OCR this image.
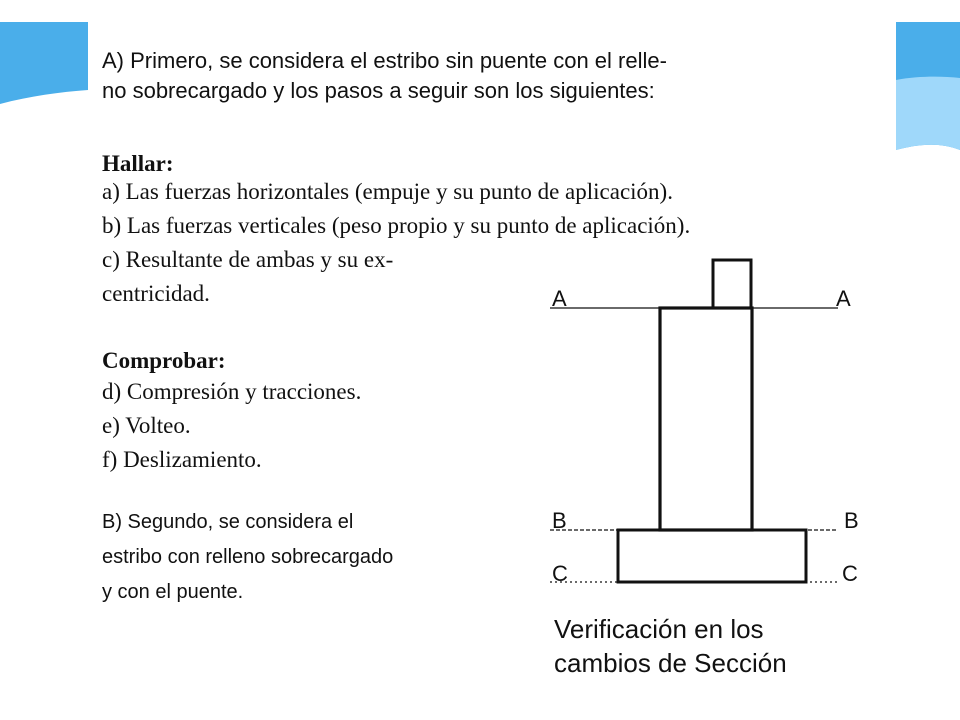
A) Primero, se considera el estribo sin puente con el relle-
no sobrecargado y los pasos a seguir son los siguientes:
Hallar:
a) Las fuerzas horizontales (empuje y su punto de aplicación).
b) Las fuerzas verticales (peso propio y su punto de aplicación).
c) Resultante de ambas y su ex-
centricidad.
Comprobar:
d) Compresión y tracciones.
e) Volteo.
f) Deslizamiento.
B) Segundo, se considera el
estribo con relleno sobrecargado
y con el puente.
A	A
B	B
C	C
Verificación en los
cambios de Sección
